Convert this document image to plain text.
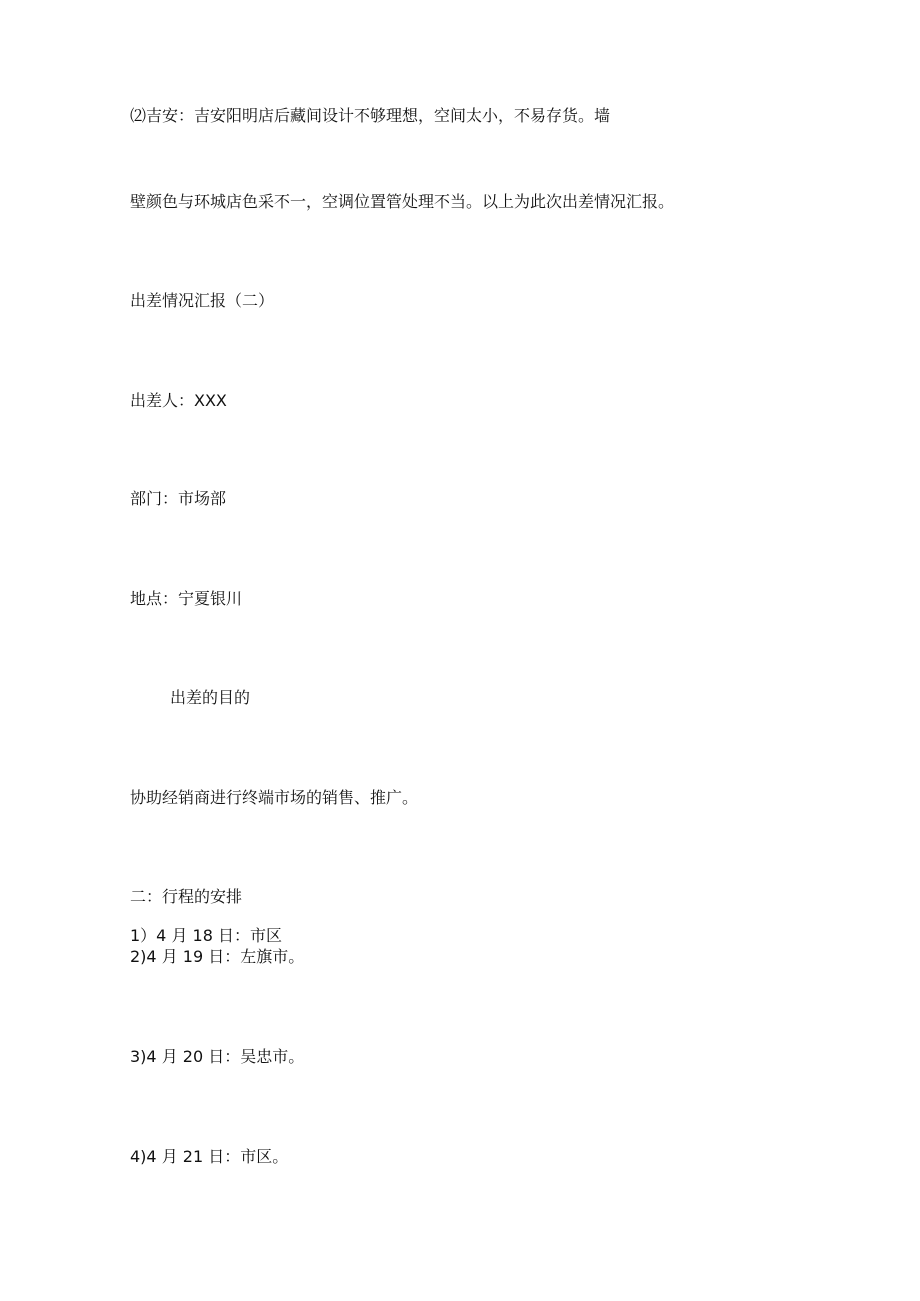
⑵吉安：吉安阳明店后藏间设计不够理想，空间太小，不易存货。墙

壁颜色与环城店色采不一，空调位置管处理不当。以上为此次出差情况汇报。

出差情况汇报（二）

出差人：XXX

部门：市场部

地点：宁夏银川

出差的目的

协助经销商进行终端市场的销售、推广。

二：行程的安排

1）4 月 18 日：市区

2)4 月 19 日：左旗市。

3)4 月 20 日：吴忠市。

4)4 月 21 日：市区。
